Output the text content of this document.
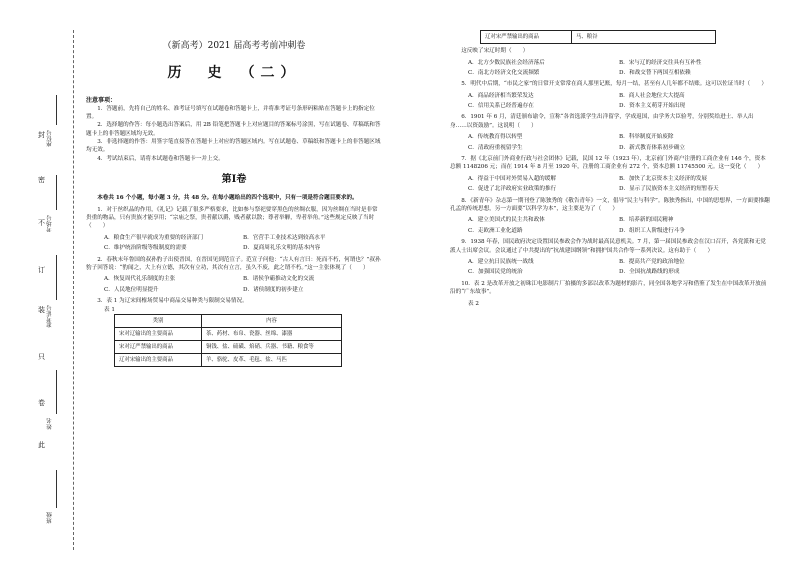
封
密
不
订
装
只
卷
此
座位号
考场号
准考证号
姓名
班级
（新高考）2021 届高考考前冲刺卷
历　史　（二）
注意事项：

1．答题前，先将自己的姓名、准考证号填写在试题卷和答题卡上，并将准考证号条形码粘贴在答题卡上的指定位置。

2．选择题的作答：每小题选出答案后，用 2B 铅笔把答题卡上对应题目的答案标号涂黑，写在试题卷、草稿纸和答题卡上的非答题区域均无效。

3．非选择题的作答：用签字笔直接答在答题卡上对应的答题区域内。写在试题卷、草稿纸和答题卡上的非答题区域均无效。

4．考试结束后，请将本试题卷和答题卡一并上交。

第Ⅰ卷

本卷共 16 个小题，每小题 3 分，共 48 分。在每小题给出的四个选项中，只有一项是符合题目要求的。

1．对于丝织品的作用，《礼记》记载了很多严格要求，比如参与祭祀要穿黑色的丝绸衣服，因为丝绸在当时是非常贵重的物品，只有贵族才能享用；“宗庙之祭，贵者献以爵，贱者献以散；尊者举觯，卑者举角。”这些规定反映了当时（　　）

A．粮食生产很早就成为重要的经济部门	B．官营手工业技术达到较高水平
C．维护统治阶级等级制度的需要	D．夏商周礼乐文明的基本内容

2．春秋末年鲁国的叔孙豹子出使晋国，在晋国见到范宣子。范宣子问他：“古人有言曰：死而不朽，何谓也？”叔孙豹子回答说：“豹闻之，大上有立德，其次有立功，其次有立言，虽久不废，此之谓不朽。”这一主张体现了（　　）

A．恢复周代礼乐制度的主张	B．诸侯争霸推动文化的交流
C．人民地位明显提升	D．诸侯制度的初步建立

3．表 1 为辽宋间榷场贸易中商品交易种类与限制交易情况。

表 1
类别	内容
宋对辽输出的主要商品	茶、药材、布帛、瓷器、丝绵、漆器
宋对辽严禁输出的商品	铜钱、盐、硫磺、焰硝、兵器、书籍、粮食等
辽对宋输出的主要商品	羊、骆驼、皮革、毛毡、盐、马匹
辽对宋严禁输出的商品	马、粮谷

这反映了宋辽时期（　　）

A．北方少数民族社会经济落后	B．宋与辽的经济交往具有互补性
C．南北方经济文化交流频繁	D．和战交替下两国互相依赖

5．明代中后期，“市民之家”的日常开支常常在商人那里记账，每月一结，甚至有人几年都不结账。这可以佐证当时（　　）

A．商品经济相当繁荣发达	B．商人社会地位大大提高
C．信用关系已经普遍存在	D．资本主义萌芽开始出现

6．1901 年 6 月，清廷颁布谕令，宣称“各省选派学生出洋留学，学成返国，由学务大臣验考，分别奖给进士、举人出身……以资鼓励”。这说明（　　）

A．传统教育得以转型	B．科举制度开始废除
C．清政府重视留学生	D．新式教育体系初步确立

7．据《北京前门外商业行政与社会团体》记载，民国 12 年（1923 年），北京前门外商户注册的工商企业有 146 个，资本总额 1148206 元；而在 1914 年 8 月至 1920 年，注册的工商企业有 272 个，资本总额 11745500 元。这一变化（　　）

A．得益于中国对外贸易入超的缓解	B．加快了北京资本主义经济的发展
C．促进了北洋政府实业政策的推行	D．显示了民族资本主义经济的短暂春天

8．《新青年》杂志第一期刊登了陈独秀的《敬告青年》一文，倡导“民主与科学”。陈独秀指出，中国的思想界，一方面要推翻孔孟的传统思想，另一方面要“以科学为本”，这主要是为了（　　）

A．建立美国式的民主共和政体	B．培养新的国民精神
C．走欧洲工业化道路	D．组织工人阶级进行斗争

9．1938 年春，国民政府决定设置国民参政会作为战时最高民意机关。7 月，第一届国民参政会在汉口召开，各党派和无党派人士出席会议。会议通过了中共提出的“抗战建国纲领”和拥护国共合作等一系列决议。这有助于（　　）

A．建立抗日民族统一战线	B．提高共产党的政治地位
C．加强国民党的统治	D．全国抗战路线的形成

10．表 2 是改革开放之初珠江电影制片厂拍摄的多部以改革为题材的影片，同全国各地学习和借鉴了发生在中国改革开放前沿的“广东故事”。

表 2
